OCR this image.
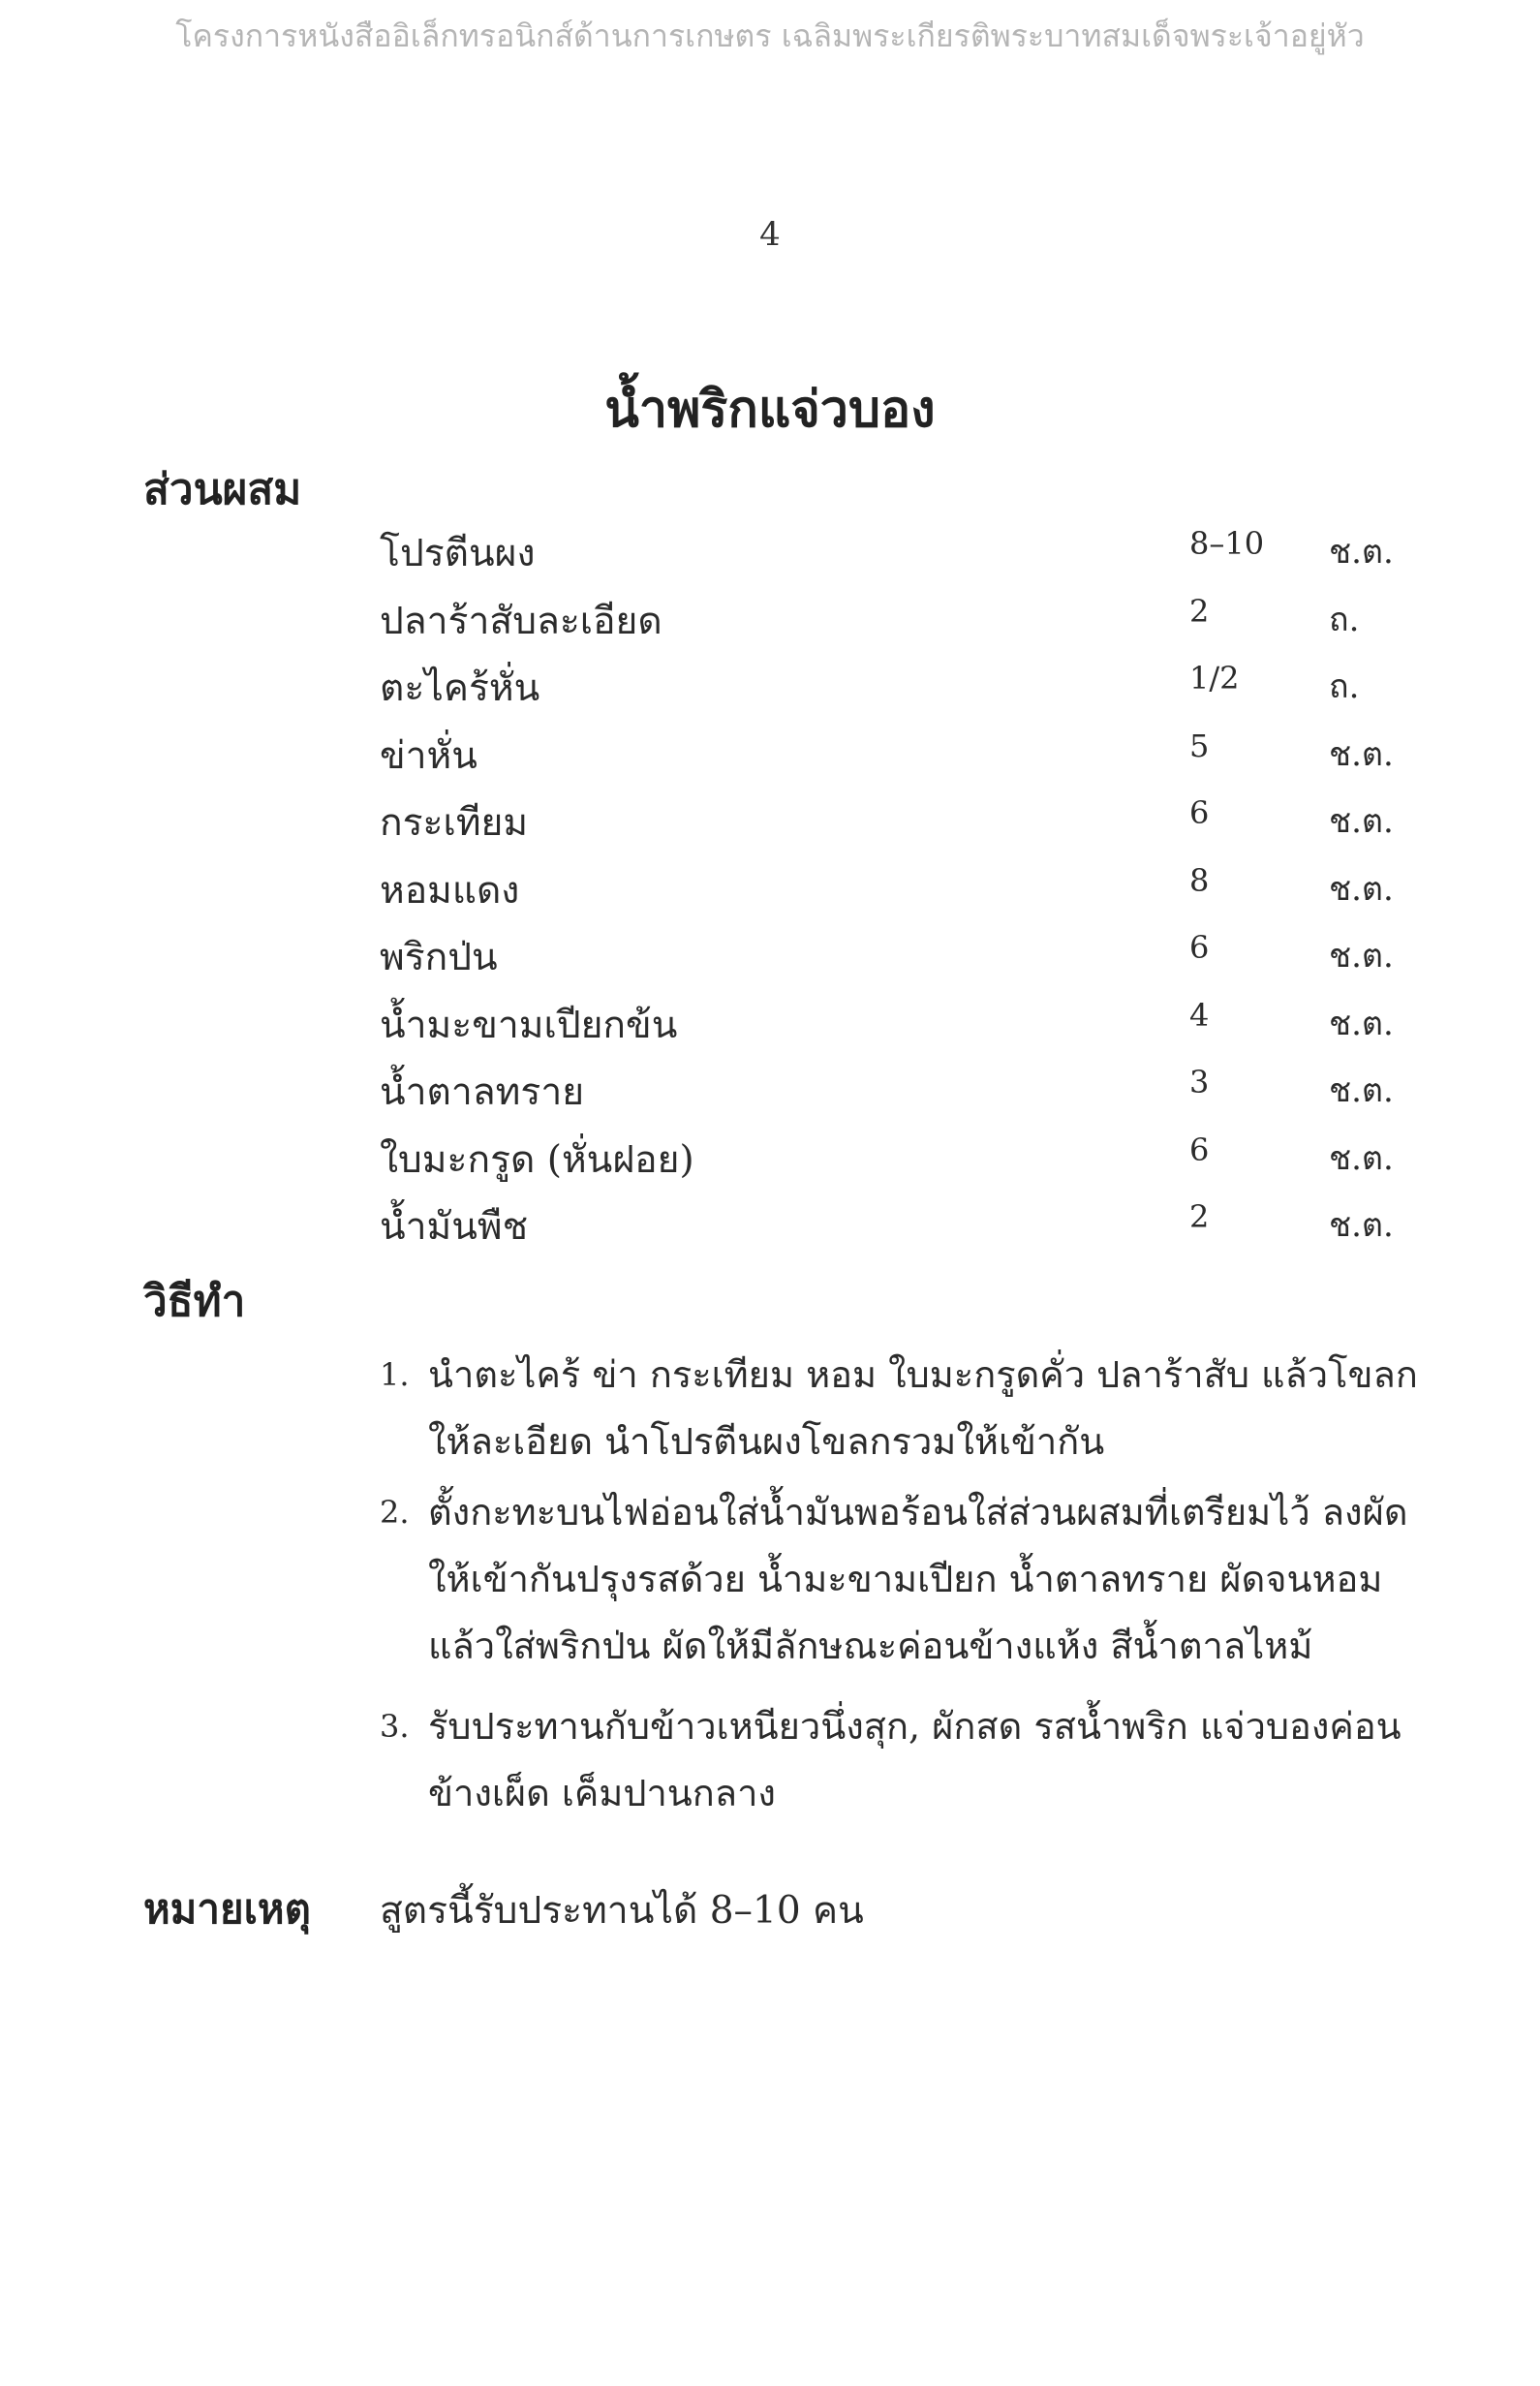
โครงการหนังสืออิเล็กทรอนิกส์ด้านการเกษตร เฉลิมพระเกียรติพระบาทสมเด็จพระเจ้าอยู่หัว
4
น้ำพริกแจ่วบอง
ส่วนผสม
โปรตีนผง	8–10 ช.ต.
ปลาร้าสับละเอียด	2	ถ.
ตะไคร้หั่น	1/2	ถ.
ข่าหั่น	5	ช.ต.
กระเทียม	6	ช.ต.
หอมแดง	8	ช.ต.
พริกป่น	6	ช.ต.
น้ำมะขามเปียกข้น	4	ช.ต.
น้ำตาลทราย	3	ช.ต.
ใบมะกรูด (หั่นฝอย)	6	ช.ต.
น้ำมันพืช	2	ช.ต.
วิธีทำ
1. นำตะไคร้ ข่า กระเทียม หอม ใบมะกรูดคั่ว ปลาร้าสับ แล้วโขลกให้ละเอียด นำโปรตีนผงโขลกรวมให้เข้ากัน
2. ตั้งกะทะบนไฟอ่อนใส่น้ำมันพอร้อนใส่ส่วนผสมที่เตรียมไว้ ลงผัดให้เข้ากันปรุงรสด้วย น้ำมะขามเปียก น้ำตาลทราย ผัดจนหอมแล้วใส่พริกป่น ผัดให้มีลักษณะค่อนข้างแห้ง สีน้ำตาลไหม้
3. รับประทานกับข้าวเหนียวนึ่งสุก, ผักสด รสน้ำพริก แจ่วบองค่อนข้างเผ็ด เค็มปานกลาง
หมายเหตุ สูตรนี้รับประทานได้ 8–10 คน
